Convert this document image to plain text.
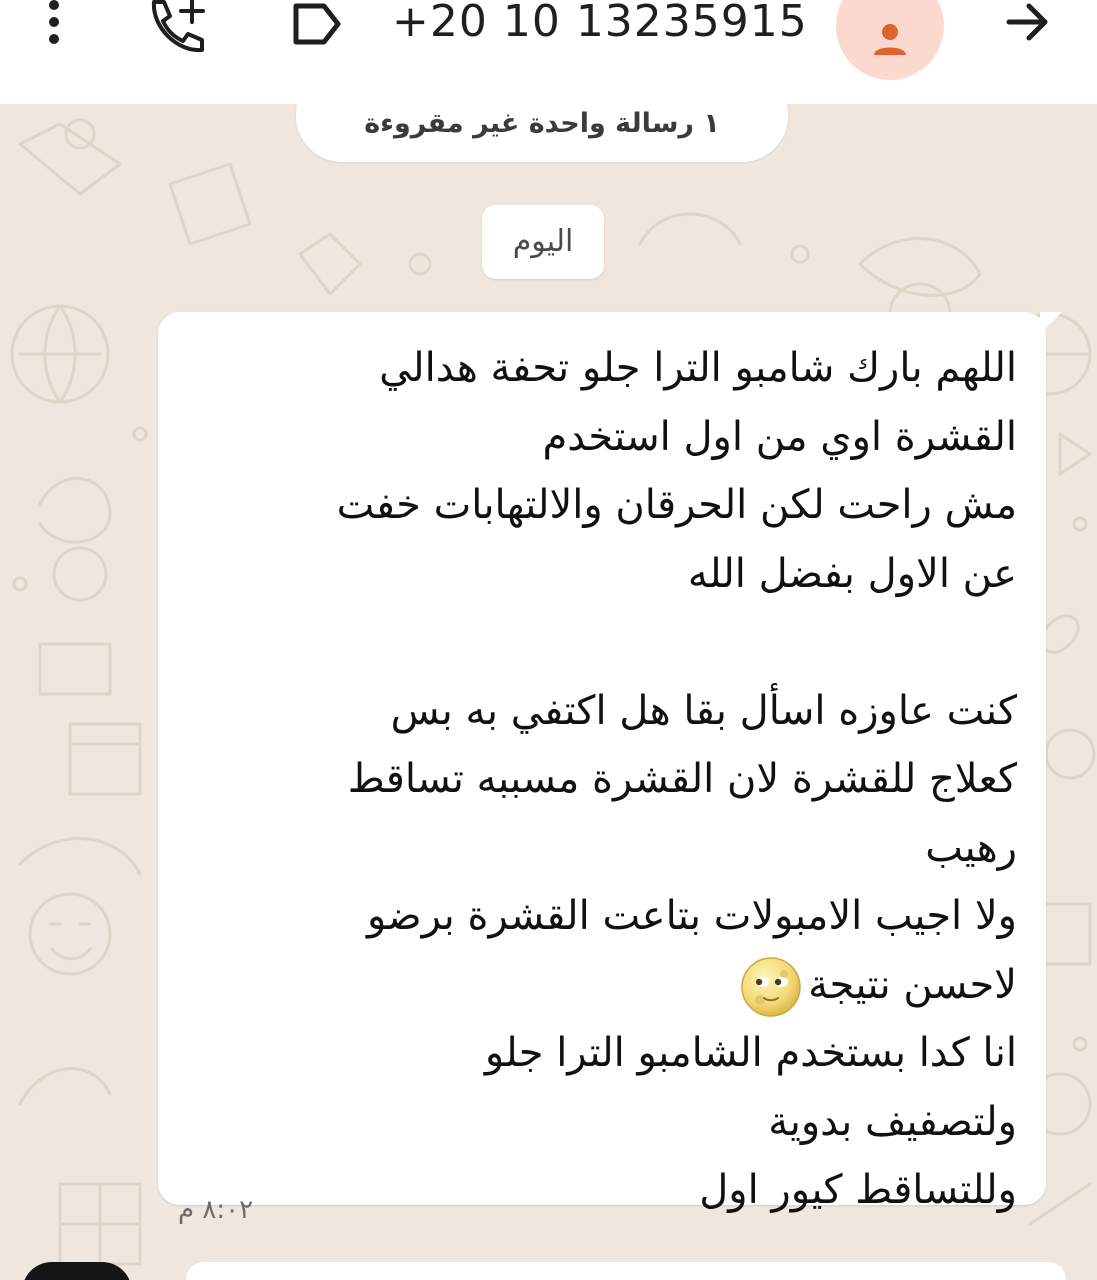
+20 10 13235915
١ رسالة واحدة غير مقروءة
اليوم
اللهم بارك شامبو الترا جلو تحفة هدالي
القشرة اوي من اول استخدم
مش راحت لكن الحرقان والالتهابات خفت
عن الاول بفضل الله
كنت عاوزه اسأل بقا هل اكتفي به بس
كعلاج للقشرة لان القشرة مسببه تساقط
رهيب
ولا اجيب الامبولات بتاعت القشرة برضو
لاحسن نتيجة
انا كدا بستخدم الشامبو الترا جلو
ولتصفيف بدوية
وللتساقط كيور اول
٨:٠٢ م
